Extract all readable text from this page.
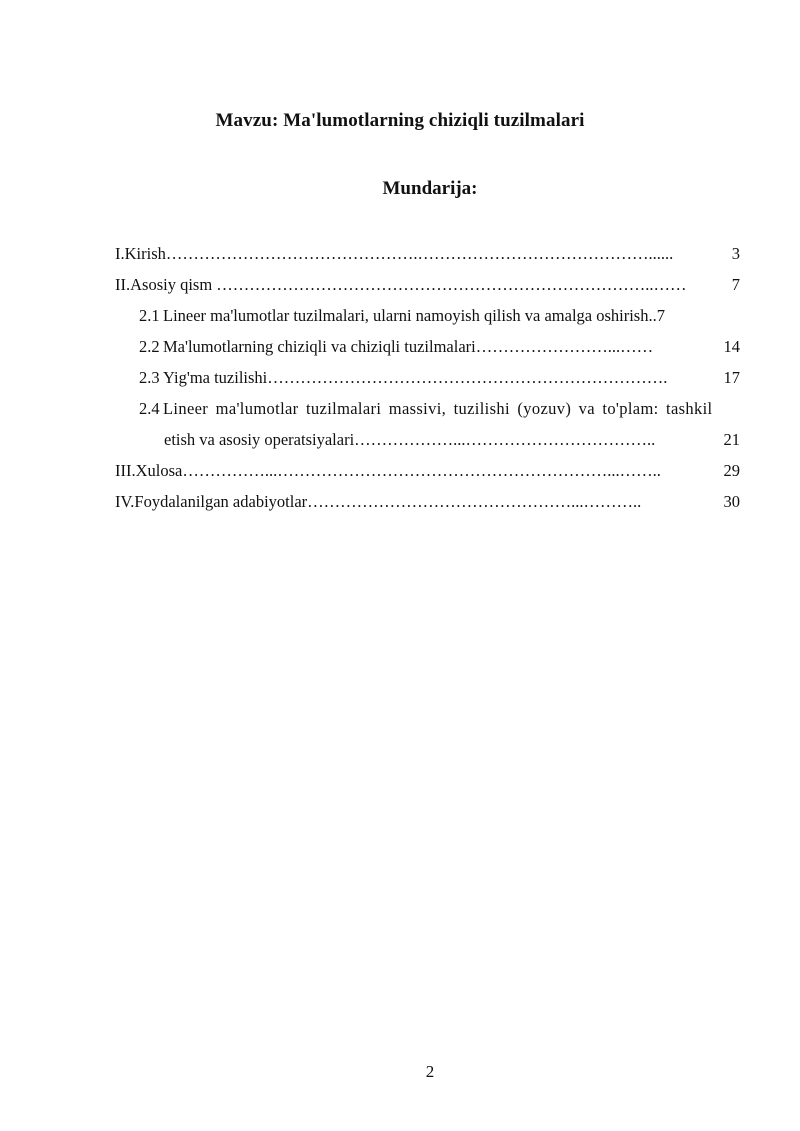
Mavzu: Ma'lumotlarning chiziqli tuzilmalari
Mundarija:
I.Kirish ……………………………………….……………………………………......	3
II.Asosiy qism ……………………………………………………………………..……	7
2.1 Lineer ma'lumotlar tuzilmalari, ularni namoyish qilish va amalga oshirish .. 7
2.2 Ma'lumotlarning chiziqli va chiziqli tuzilmalari ……………………...……	14
2.3 Yig'ma tuzilishi ……………………………………………………………….	17
2.4 Lineer ma'lumotlar tuzilmalari massivi, tuzilishi (yozuv) va to'plam: tashkil
etish va asosiy operatsiyalari ………………...……………………………..	21
III.Xulosa ……………...……………………………………………………...……..	29
IV.Foydalanilgan adabiyotlar …………………………………………...………..	30
2
